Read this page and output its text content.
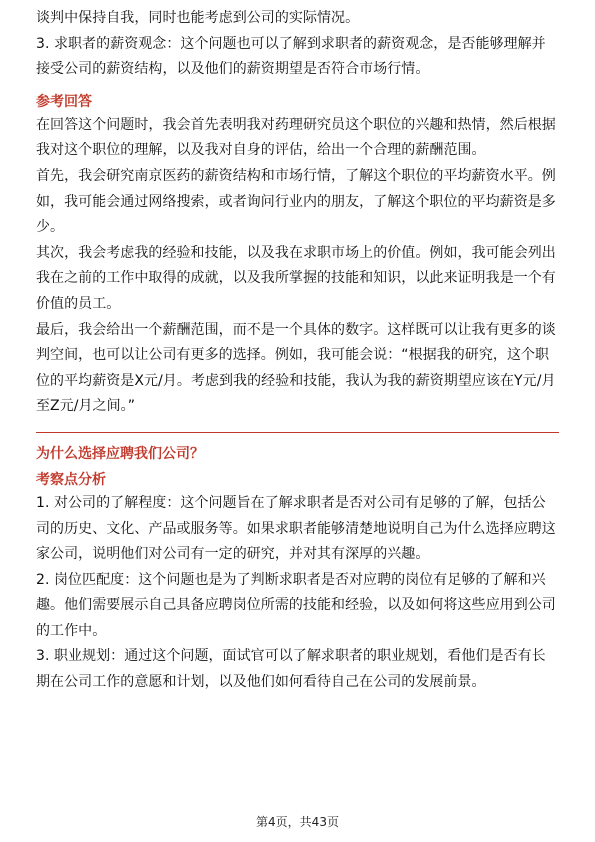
谈判中保持自我，同时也能考虑到公司的实际情况。

3. 求职者的薪资观念：这个问题也可以了解到求职者的薪资观念，是否能够理解并接受公司的薪资结构，以及他们的薪资期望是否符合市场行情。

参考回答

在回答这个问题时，我会首先表明我对药理研究员这个职位的兴趣和热情，然后根据我对这个职位的理解，以及我对自身的评估，给出一个合理的薪酬范围。

首先，我会研究南京医药的薪资结构和市场行情，了解这个职位的平均薪资水平。例如，我可能会通过网络搜索，或者询问行业内的朋友，了解这个职位的平均薪资是多少。

其次，我会考虑我的经验和技能，以及我在求职市场上的价值。例如，我可能会列出我在之前的工作中取得的成就，以及我所掌握的技能和知识，以此来证明我是一个有价值的员工。

最后，我会给出一个薪酬范围，而不是一个具体的数字。这样既可以让我有更多的谈判空间，也可以让公司有更多的选择。例如，我可能会说：“根据我的研究，这个职位的平均薪资是X元/月。考虑到我的经验和技能，我认为我的薪资期望应该在Y元/月至Z元/月之间。”

为什么选择应聘我们公司？
考察点分析

1. 对公司的了解程度：这个问题旨在了解求职者是否对公司有足够的了解，包括公司的历史、文化、产品或服务等。如果求职者能够清楚地说明自己为什么选择应聘这家公司，说明他们对公司有一定的研究，并对其有深厚的兴趣。

2. 岗位匹配度：这个问题也是为了判断求职者是否对应聘的岗位有足够的了解和兴趣。他们需要展示自己具备应聘岗位所需的技能和经验，以及如何将这些应用到公司的工作中。

3. 职业规划：通过这个问题，面试官可以了解求职者的职业规划，看他们是否有长期在公司工作的意愿和计划，以及他们如何看待自己在公司的发展前景。

第4页，共43页
